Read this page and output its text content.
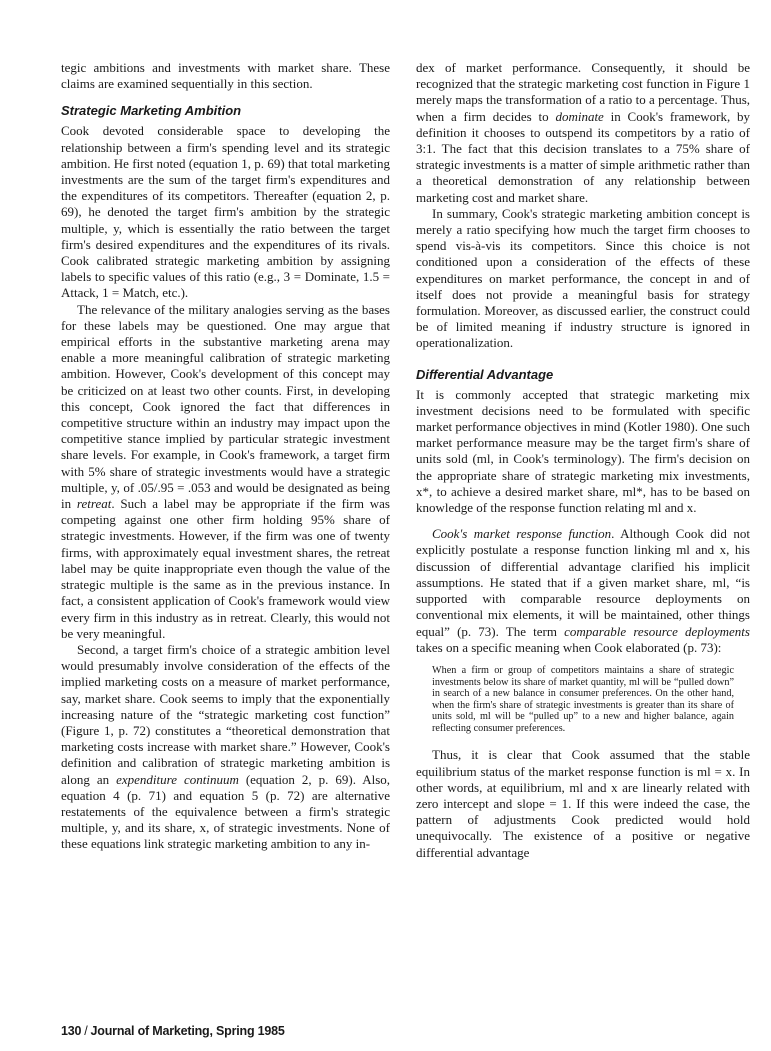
tegic ambitions and investments with market share. These claims are examined sequentially in this section.

Strategic Marketing Ambition

Cook devoted considerable space to developing the relationship between a firm's spending level and its strategic ambition. He first noted (equation 1, p. 69) that total marketing investments are the sum of the target firm's expenditures and the expenditures of its competitors. Thereafter (equation 2, p. 69), he denoted the target firm's ambition by the strategic multiple, y, which is essentially the ratio between the target firm's desired expenditures and the expenditures of its rivals. Cook calibrated strategic marketing ambition by assigning labels to specific values of this ratio (e.g., 3 = Dominate, 1.5 = Attack, 1 = Match, etc.).

The relevance of the military analogies serving as the bases for these labels may be questioned. One may argue that empirical efforts in the substantive marketing arena may enable a more meaningful calibration of strategic marketing ambition. However, Cook's development of this concept may be criticized on at least two other counts. First, in developing this concept, Cook ignored the fact that differences in competitive structure within an industry may impact upon the competitive stance implied by particular strategic investment share levels. For example, in Cook's framework, a target firm with 5% share of strategic investments would have a strategic multiple, y, of .05/.95 = .053 and would be designated as being in retreat. Such a label may be appropriate if the firm was competing against one other firm holding 95% share of strategic investments. However, if the firm was one of twenty firms, with approximately equal investment shares, the retreat label may be quite inappropriate even though the value of the strategic multiple is the same as in the previous instance. In fact, a consistent application of Cook's framework would view every firm in this industry as in retreat. Clearly, this would not be very meaningful.

Second, a target firm's choice of a strategic ambition level would presumably involve consideration of the effects of the implied marketing costs on a measure of market performance, say, market share. Cook seems to imply that the exponentially increasing nature of the “strategic marketing cost function” (Figure 1, p. 72) constitutes a “theoretical demonstration that marketing costs increase with market share.” However, Cook's definition and calibration of strategic marketing ambition is along an expenditure continuum (equation 2, p. 69). Also, equation 4 (p. 71) and equation 5 (p. 72) are alternative restatements of the equivalence between a firm's strategic multiple, y, and its share, x, of strategic investments. None of these equations link strategic marketing ambition to any in-

dex of market performance. Consequently, it should be recognized that the strategic marketing cost function in Figure 1 merely maps the transformation of a ratio to a percentage. Thus, when a firm decides to dominate in Cook's framework, by definition it chooses to outspend its competitors by a ratio of 3:1. The fact that this decision translates to a 75% share of strategic investments is a matter of simple arithmetic rather than a theoretical demonstration of any relationship between marketing cost and market share.

In summary, Cook's strategic marketing ambition concept is merely a ratio specifying how much the target firm chooses to spend vis-à-vis its competitors. Since this choice is not conditioned upon a consideration of the effects of these expenditures on market performance, the concept in and of itself does not provide a meaningful basis for strategy formulation. Moreover, as discussed earlier, the construct could be of limited meaning if industry structure is ignored in operationalization.

Differential Advantage

It is commonly accepted that strategic marketing mix investment decisions need to be formulated with specific market performance objectives in mind (Kotler 1980). One such market performance measure may be the target firm's share of units sold (ml, in Cook's terminology). The firm's decision on the appropriate share of strategic marketing mix investments, x*, to achieve a desired market share, ml*, has to be based on knowledge of the response function relating ml and x.

Cook's market response function. Although Cook did not explicitly postulate a response function linking ml and x, his discussion of differential advantage clarified his implicit assumptions. He stated that if a given market share, ml, “is supported with comparable resource deployments on conventional mix elements, it will be maintained, other things equal” (p. 73). The term comparable resource deployments takes on a specific meaning when Cook elaborated (p. 73):

When a firm or group of competitors maintains a share of strategic investments below its share of market quantity, ml will be “pulled down” in search of a new balance in consumer preferences. On the other hand, when the firm's share of strategic investments is greater than its share of units sold, ml will be “pulled up” to a new and higher balance, again reflecting consumer preferences.

Thus, it is clear that Cook assumed that the stable equilibrium status of the market response function is ml = x. In other words, at equilibrium, ml and x are linearly related with zero intercept and slope = 1. If this were indeed the case, the pattern of adjustments Cook predicted would hold unequivocally. The existence of a positive or negative differential advantage

130 / Journal of Marketing, Spring 1985
